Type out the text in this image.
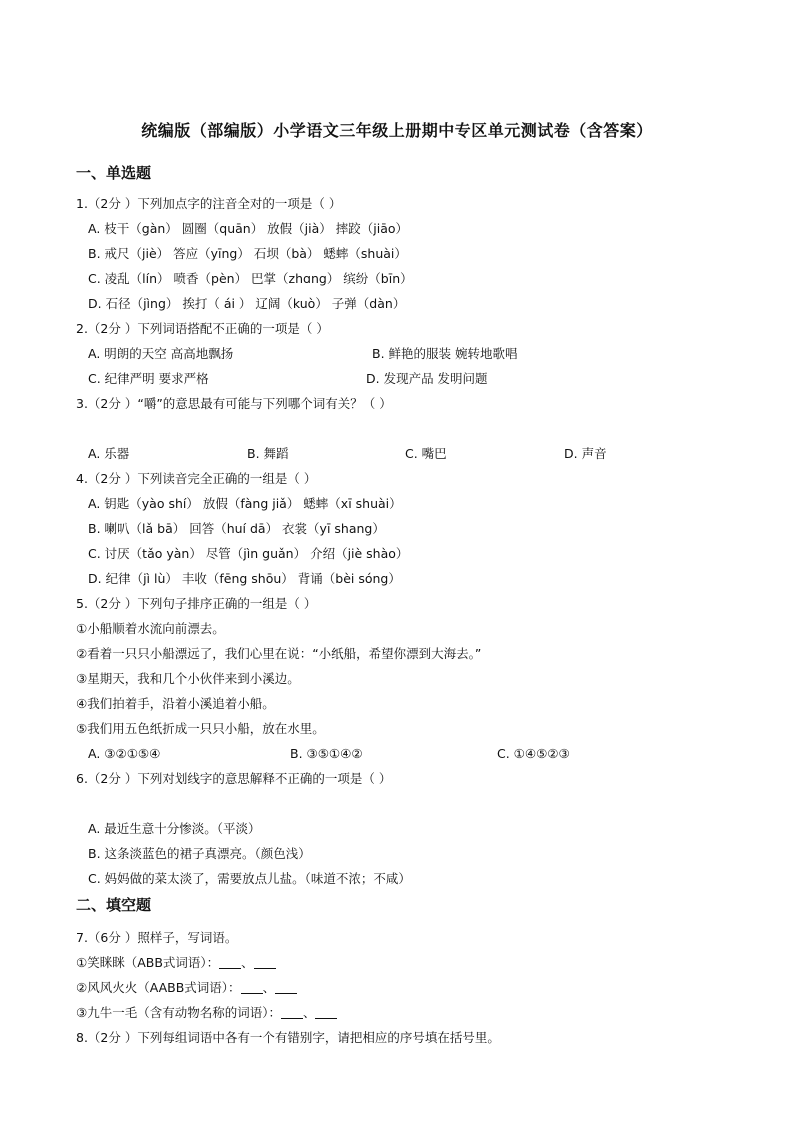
统编版（部编版）小学语文三年级上册期中专区单元测试卷（含答案）
一、单选题
1.（2分 ）下列加点字的注音全对的一项是（ ）
A. 枝干（gàn） 圆圈（quān） 放假（jià） 摔跤（jiāo）
B. 戒尺（jiè） 答应（yīng） 石坝（bà） 蟋蟀（shuài）
C. 凌乱（lín） 喷香（pèn） 巴掌（zhɑng） 缤纷（bīn）
D. 石径（jìng） 挨打（ ái ） 辽阔（kuò） 子弹（dàn）
2.（2分 ）下列词语搭配不正确的一项是（ ）
A. 明朗的天空 高高地飘扬	B. 鲜艳的服装 婉转地歌唱
C. 纪律严明 要求严格	D. 发现产品 发明问题
3.（2分 ）“嚼”的意思最有可能与下列哪个词有关？（ ）
A. 乐器	B. 舞蹈	C. 嘴巴	D. 声音
4.（2分 ）下列读音完全正确的一组是（ ）
A. 钥匙（yào shí） 放假（fàng jiǎ） 蟋蟀（xī shuài）
B. 喇叭（lǎ bā） 回答（huí dā） 衣裳（yī shang）
C. 讨厌（tǎo yàn） 尽管（jìn guǎn） 介绍（jiè shào）
D. 纪律（jì lù） 丰收（fēng shōu） 背诵（bèi sóng）
5.（2分 ）下列句子排序正确的一组是（ ）
①小船顺着水流向前漂去。
②看着一只只小船漂远了，我们心里在说：“小纸船，希望你漂到大海去。”
③星期天，我和几个小伙伴来到小溪边。
④我们拍着手，沿着小溪追着小船。
⑤我们用五色纸折成一只只小船，放在水里。
A. ③②①⑤④	B. ③⑤①④②	C. ①④⑤②③
6.（2分 ）下列对划线字的意思解释不正确的一项是（ ）
A. 最近生意十分惨淡。（平淡）
B. 这条淡蓝色的裙子真漂亮。（颜色浅）
C. 妈妈做的菜太淡了，需要放点儿盐。（味道不浓；不咸）
二、填空题
7.（6分 ）照样子，写词语。
①笑眯眯（ABB式词语）： 、
②风风火火（AABB式词语）： 、
③九牛一毛（含有动物名称的词语）： 、
8.（2分 ）下列每组词语中各有一个有错别字，请把相应的序号填在括号里。
